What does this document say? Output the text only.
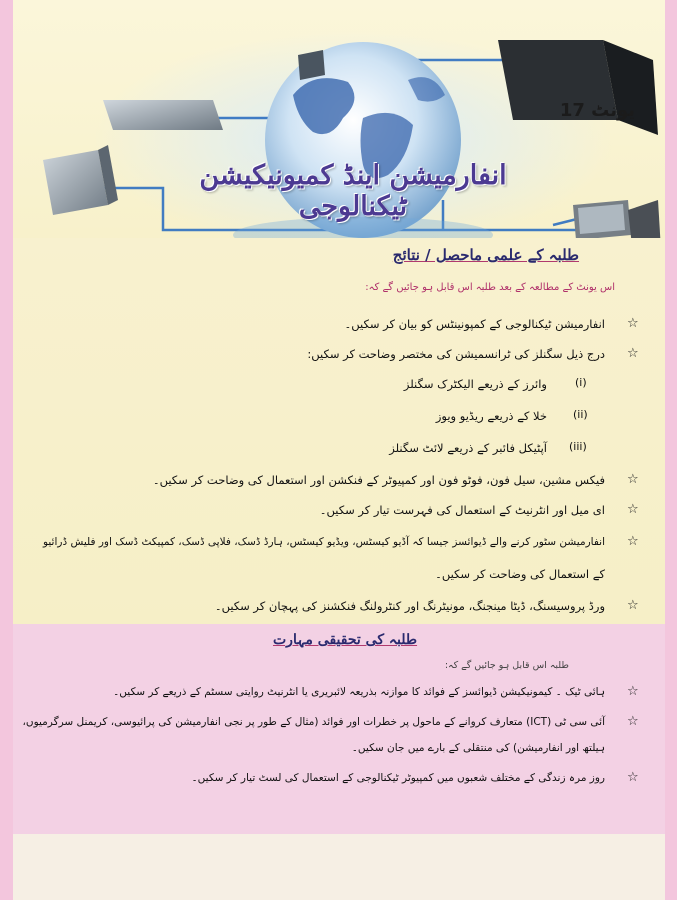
یونٹ 17
انفارمیشن اینڈ کمیونیکیشن ٹیکنالوجی
طلبہ کے علمی ماحصل / نتائج
اس یونٹ کے مطالعہ کے بعد طلبہ اس قابل ہو جائیں گے کہ:
☆
انفارمیشن ٹیکنالوجی کے کمپونینٹس کو بیان کر سکیں۔
☆
درج ذیل سگنلز کی ٹرانسمیشن کی مختصر وضاحت کر سکیں:
(i)
وائرز کے ذریعے الیکٹرک سگنلز
(ii)
خلا کے ذریعے ریڈیو ویوز
(iii)
آپٹیکل فائبر کے ذریعے لائٹ سگنلز
☆
فیکس مشین، سیل فون، فوٹو فون اور کمپیوٹر کے فنکشن اور استعمال کی وضاحت کر سکیں۔
☆
ای میل اور انٹرنیٹ کے استعمال کی فہرست تیار کر سکیں۔
☆
انفارمیشن سٹور کرنے والے ڈیوائسز جیسا کہ آڈیو کیسٹس، ویڈیو کیسٹس، ہارڈ ڈسک، فلاپی ڈسک، کمپیکٹ ڈسک اور فلیش ڈرائیو
کے استعمال کی وضاحت کر سکیں۔
☆
ورڈ پروسیسنگ، ڈیٹا مینجنگ، مونیٹرنگ اور کنٹرولنگ فنکشنز کی پہچان کر سکیں۔
طلبہ کی تحقیقی مہارت
طلبہ اس قابل ہو جائیں گے کہ:
☆
ہائی ٹیک ۔ کیمونیکیشن ڈیوائسز کے فوائد کا موازنہ بذریعہ لائبریری یا انٹرنیٹ روایتی سسٹم کے ذریعے کر سکیں۔
☆
آئی سی ٹی (ICT) متعارف کروانے کے ماحول پر خطرات اور فوائد (مثال کے طور پر نجی انفارمیشن کی پرائیوسی، کریمنل سرگرمیوں،
ہیلتھ اور انفارمیشن) کی منتقلی کے بارے میں جان سکیں۔
☆
روز مرہ زندگی کے مختلف شعبوں میں کمپیوٹر ٹیکنالوجی کے استعمال کی لسٹ تیار کر سکیں۔
